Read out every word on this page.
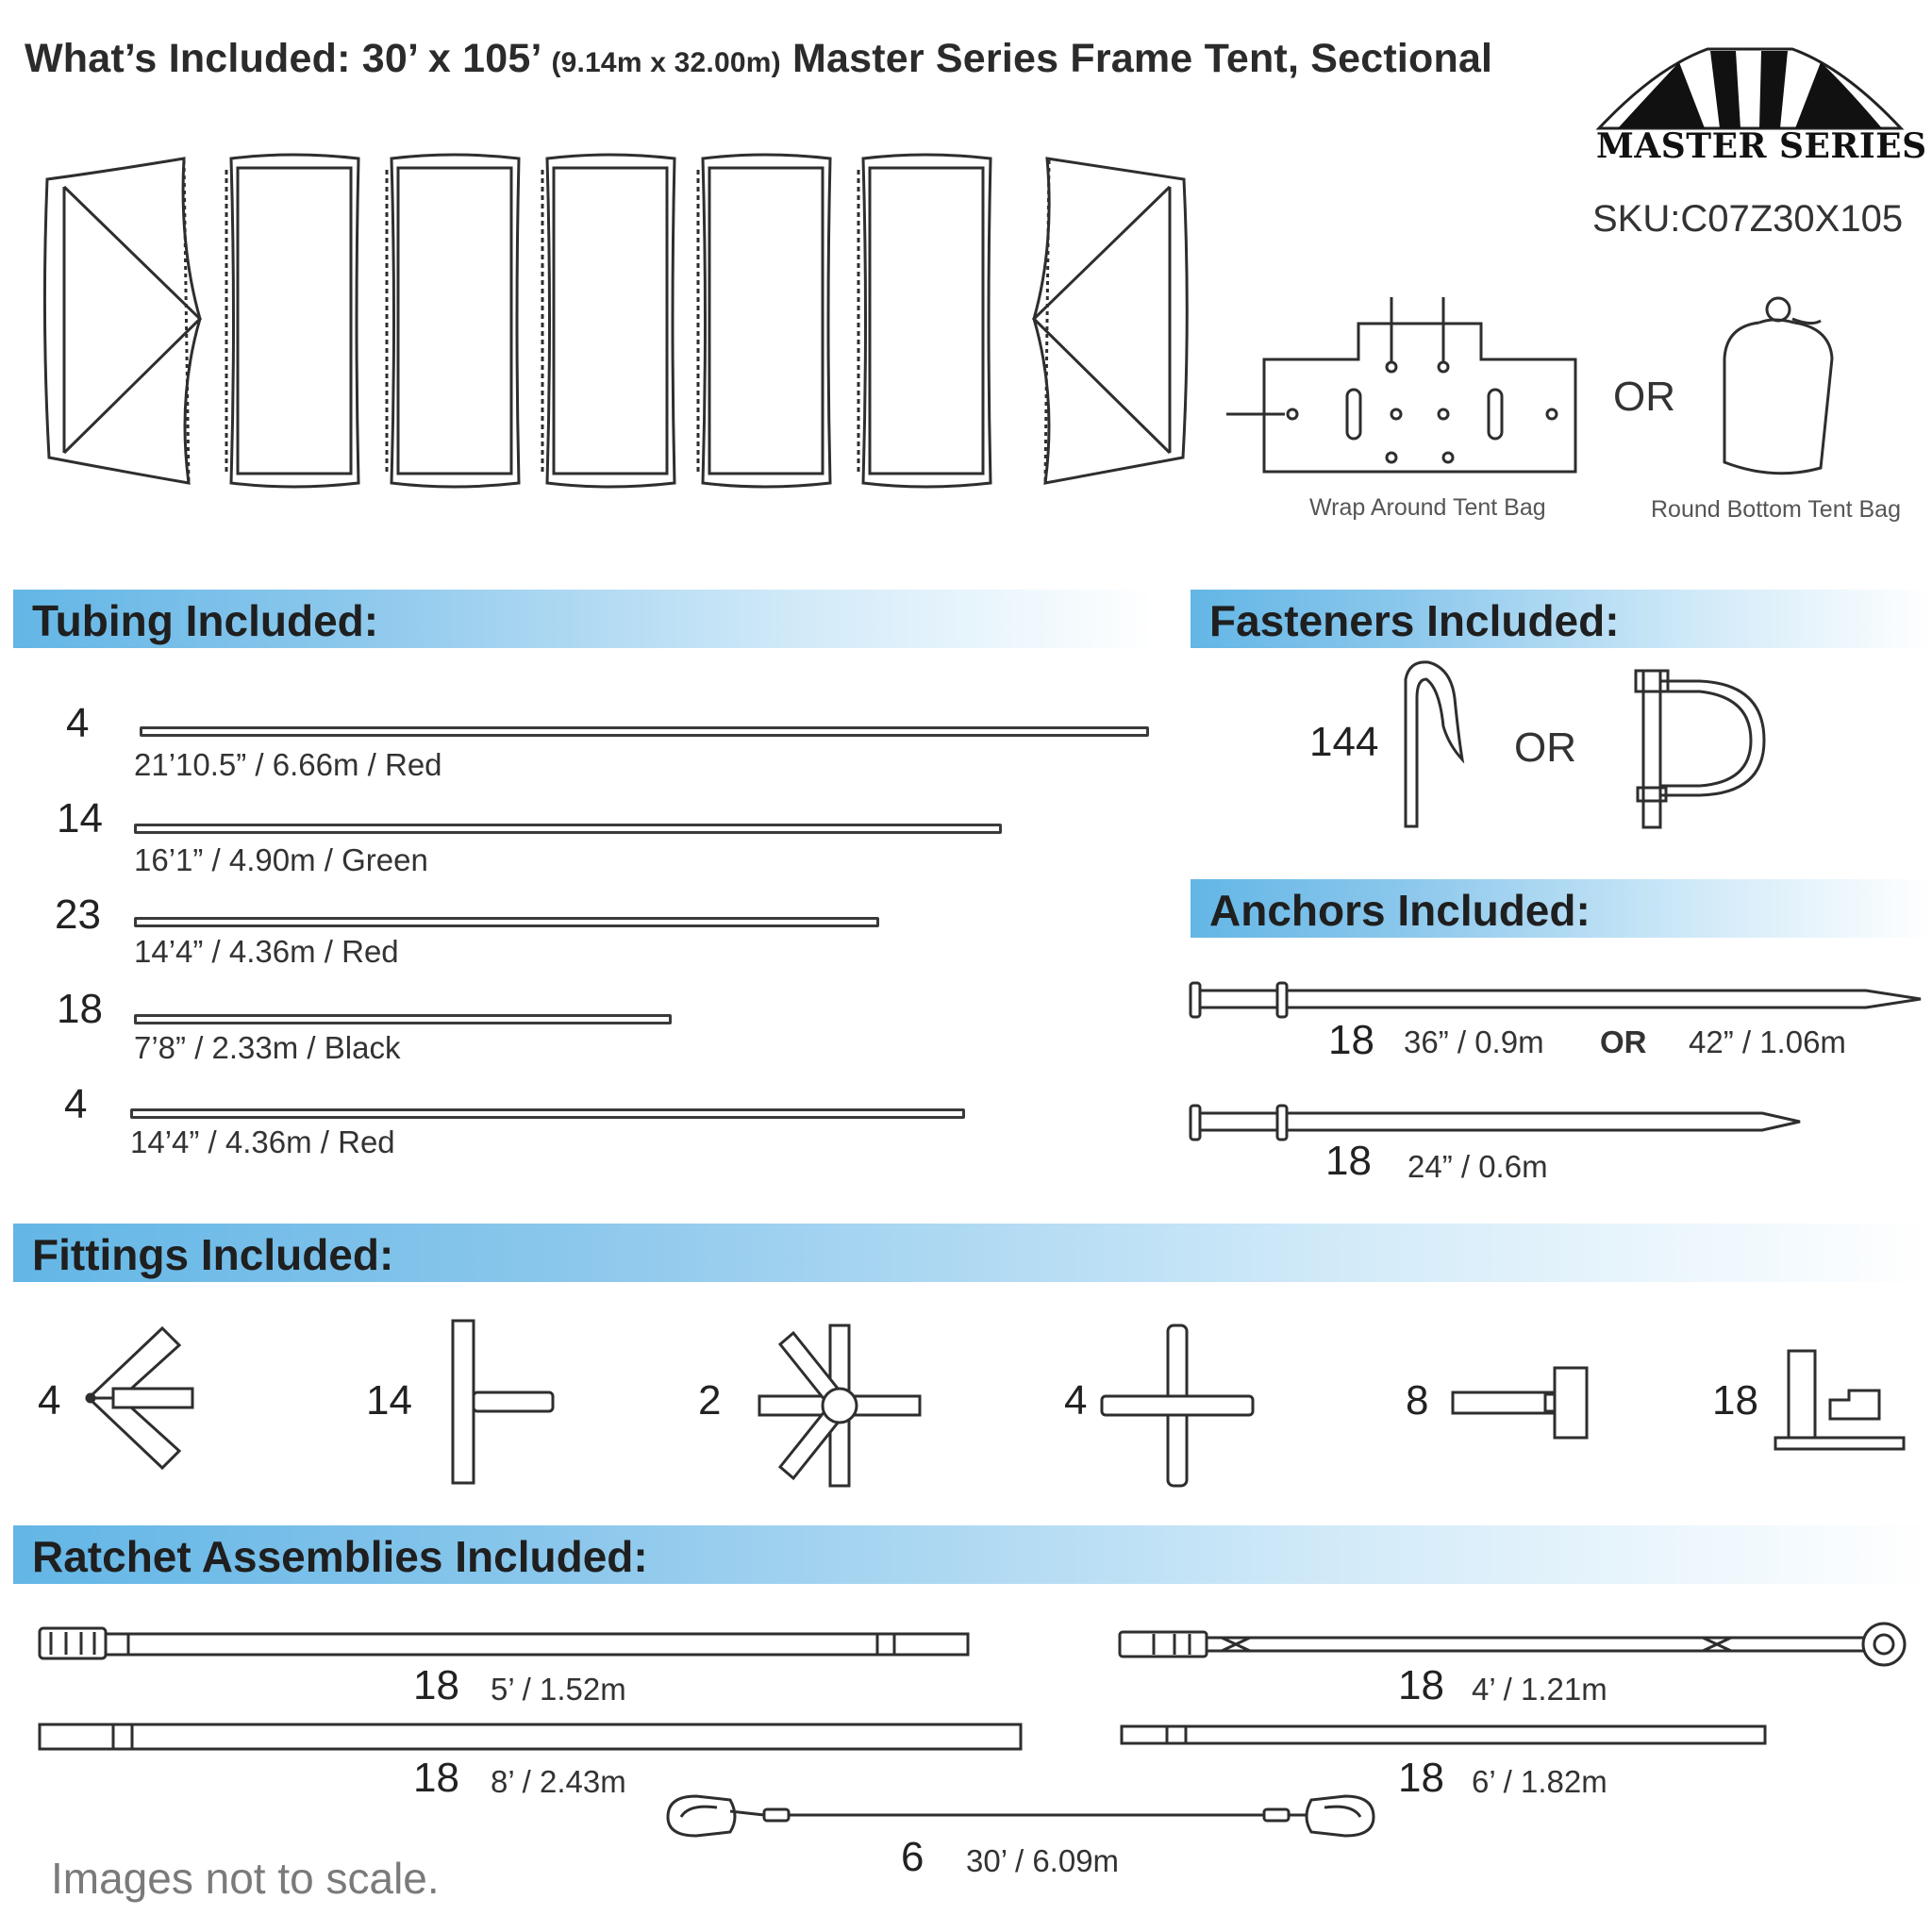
What’s Included: 30’ x 105’ (9.14m x 32.00m) Master Series Frame Tent, Sectional
MASTER SERIES
SKU:C07Z30X105
Wrap Around Tent Bag
OR
Round Bottom Tent Bag
Tubing Included:
4
21’10.5” / 6.66m / Red
14
16’1” / 4.90m / Green
23
14’4” / 4.36m / Red
18
7’8” / 2.33m / Black
4
14’4” / 4.36m / Red
Fasteners Included:
144	OR
Anchors Included:
18 36” / 0.9m OR 42” / 1.06m
18 24” / 0.6m
Fittings Included:
4	14	2	4	8	18
Ratchet Assemblies Included:
18 5’ / 1.52m
18 8’ / 2.43m
18 4’ / 1.21m
18 6’ / 1.82m
6 30’ / 6.09m
Images not to scale.
